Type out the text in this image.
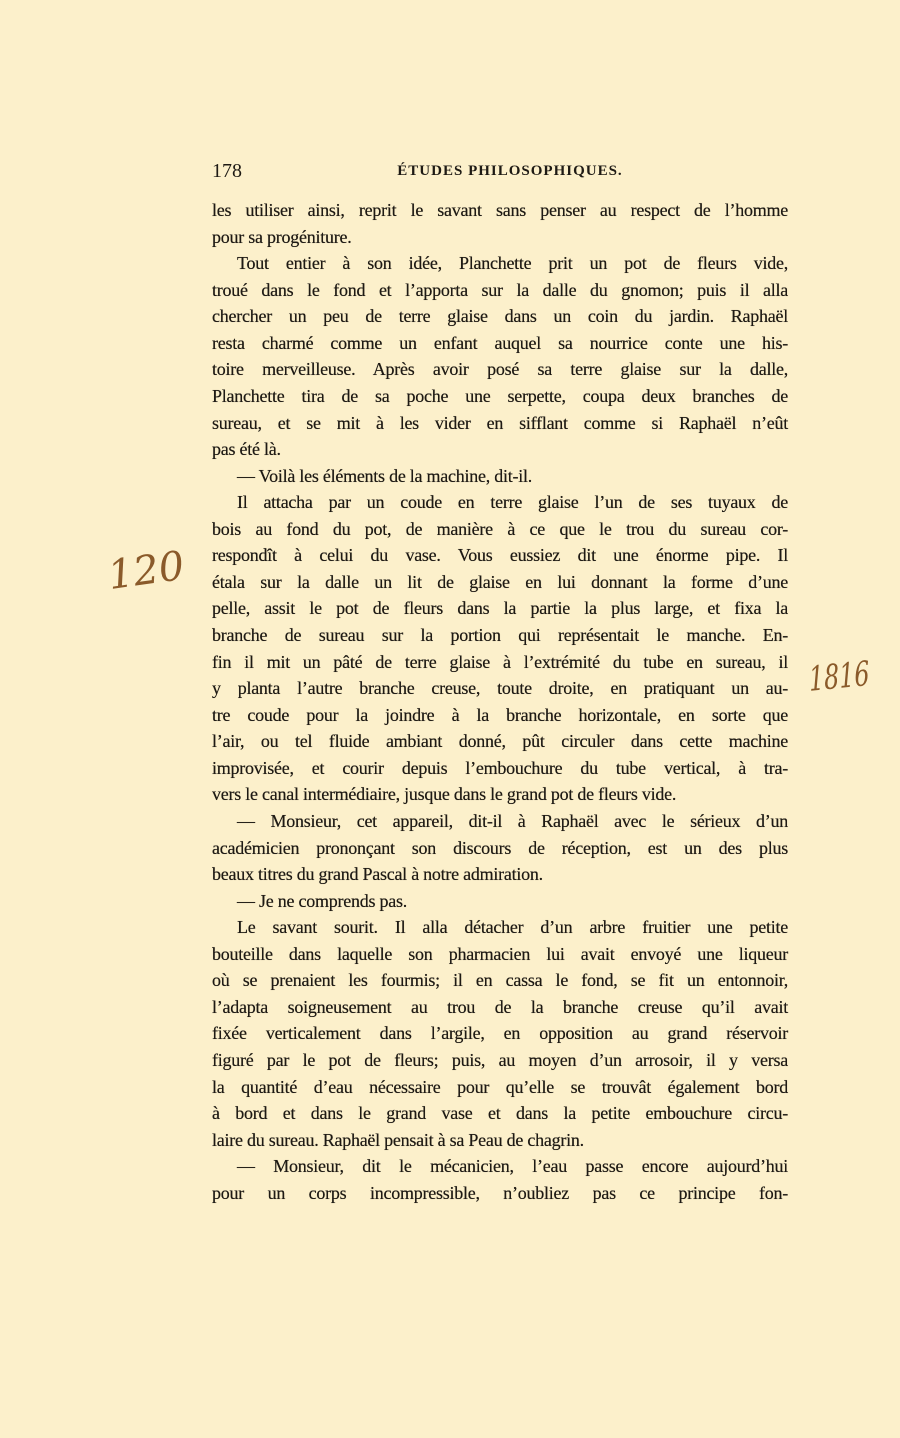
178	ÉTUDES PHILOSOPHIQUES.
les utiliser ainsi, reprit le savant sans penser au respect de l’homme
pour sa progéniture.
Tout entier à son idée, Planchette prit un pot de fleurs vide,
troué dans le fond et l’apporta sur la dalle du gnomon; puis il alla
chercher un peu de terre glaise dans un coin du jardin. Raphaël
resta charmé comme un enfant auquel sa nourrice conte une his-
toire merveilleuse. Après avoir posé sa terre glaise sur la dalle,
Planchette tira de sa poche une serpette, coupa deux branches de
sureau, et se mit à les vider en sifflant comme si Raphaël n’eût
pas été là.
— Voilà les éléments de la machine, dit-il.
Il attacha par un coude en terre glaise l’un de ses tuyaux de
bois au fond du pot, de manière à ce que le trou du sureau cor-
respondît à celui du vase. Vous eussiez dit une énorme pipe. Il
étala sur la dalle un lit de glaise en lui donnant la forme d’une
pelle, assit le pot de fleurs dans la partie la plus large, et fixa la
branche de sureau sur la portion qui représentait le manche. En-
fin il mit un pâté de terre glaise à l’extrémité du tube en sureau, il
y planta l’autre branche creuse, toute droite, en pratiquant un au-
tre coude pour la joindre à la branche horizontale, en sorte que
l’air, ou tel fluide ambiant donné, pût circuler dans cette machine
improvisée, et courir depuis l’embouchure du tube vertical, à tra-
vers le canal intermédiaire, jusque dans le grand pot de fleurs vide.
— Monsieur, cet appareil, dit-il à Raphaël avec le sérieux d’un
académicien prononçant son discours de réception, est un des plus
beaux titres du grand Pascal à notre admiration.
— Je ne comprends pas.
Le savant sourit. Il alla détacher d’un arbre fruitier une petite
bouteille dans laquelle son pharmacien lui avait envoyé une liqueur
où se prenaient les fourmis; il en cassa le fond, se fit un entonnoir,
l’adapta soigneusement au trou de la branche creuse qu’il avait
fixée verticalement dans l’argile, en opposition au grand réservoir
figuré par le pot de fleurs; puis, au moyen d’un arrosoir, il y versa
la quantité d’eau nécessaire pour qu’elle se trouvât également bord
à bord et dans le grand vase et dans la petite embouchure circu-
laire du sureau. Raphaël pensait à sa Peau de chagrin.
— Monsieur, dit le mécanicien, l’eau passe encore aujourd’hui
pour un corps incompressible, n’oubliez pas ce principe fon-
120
1816
